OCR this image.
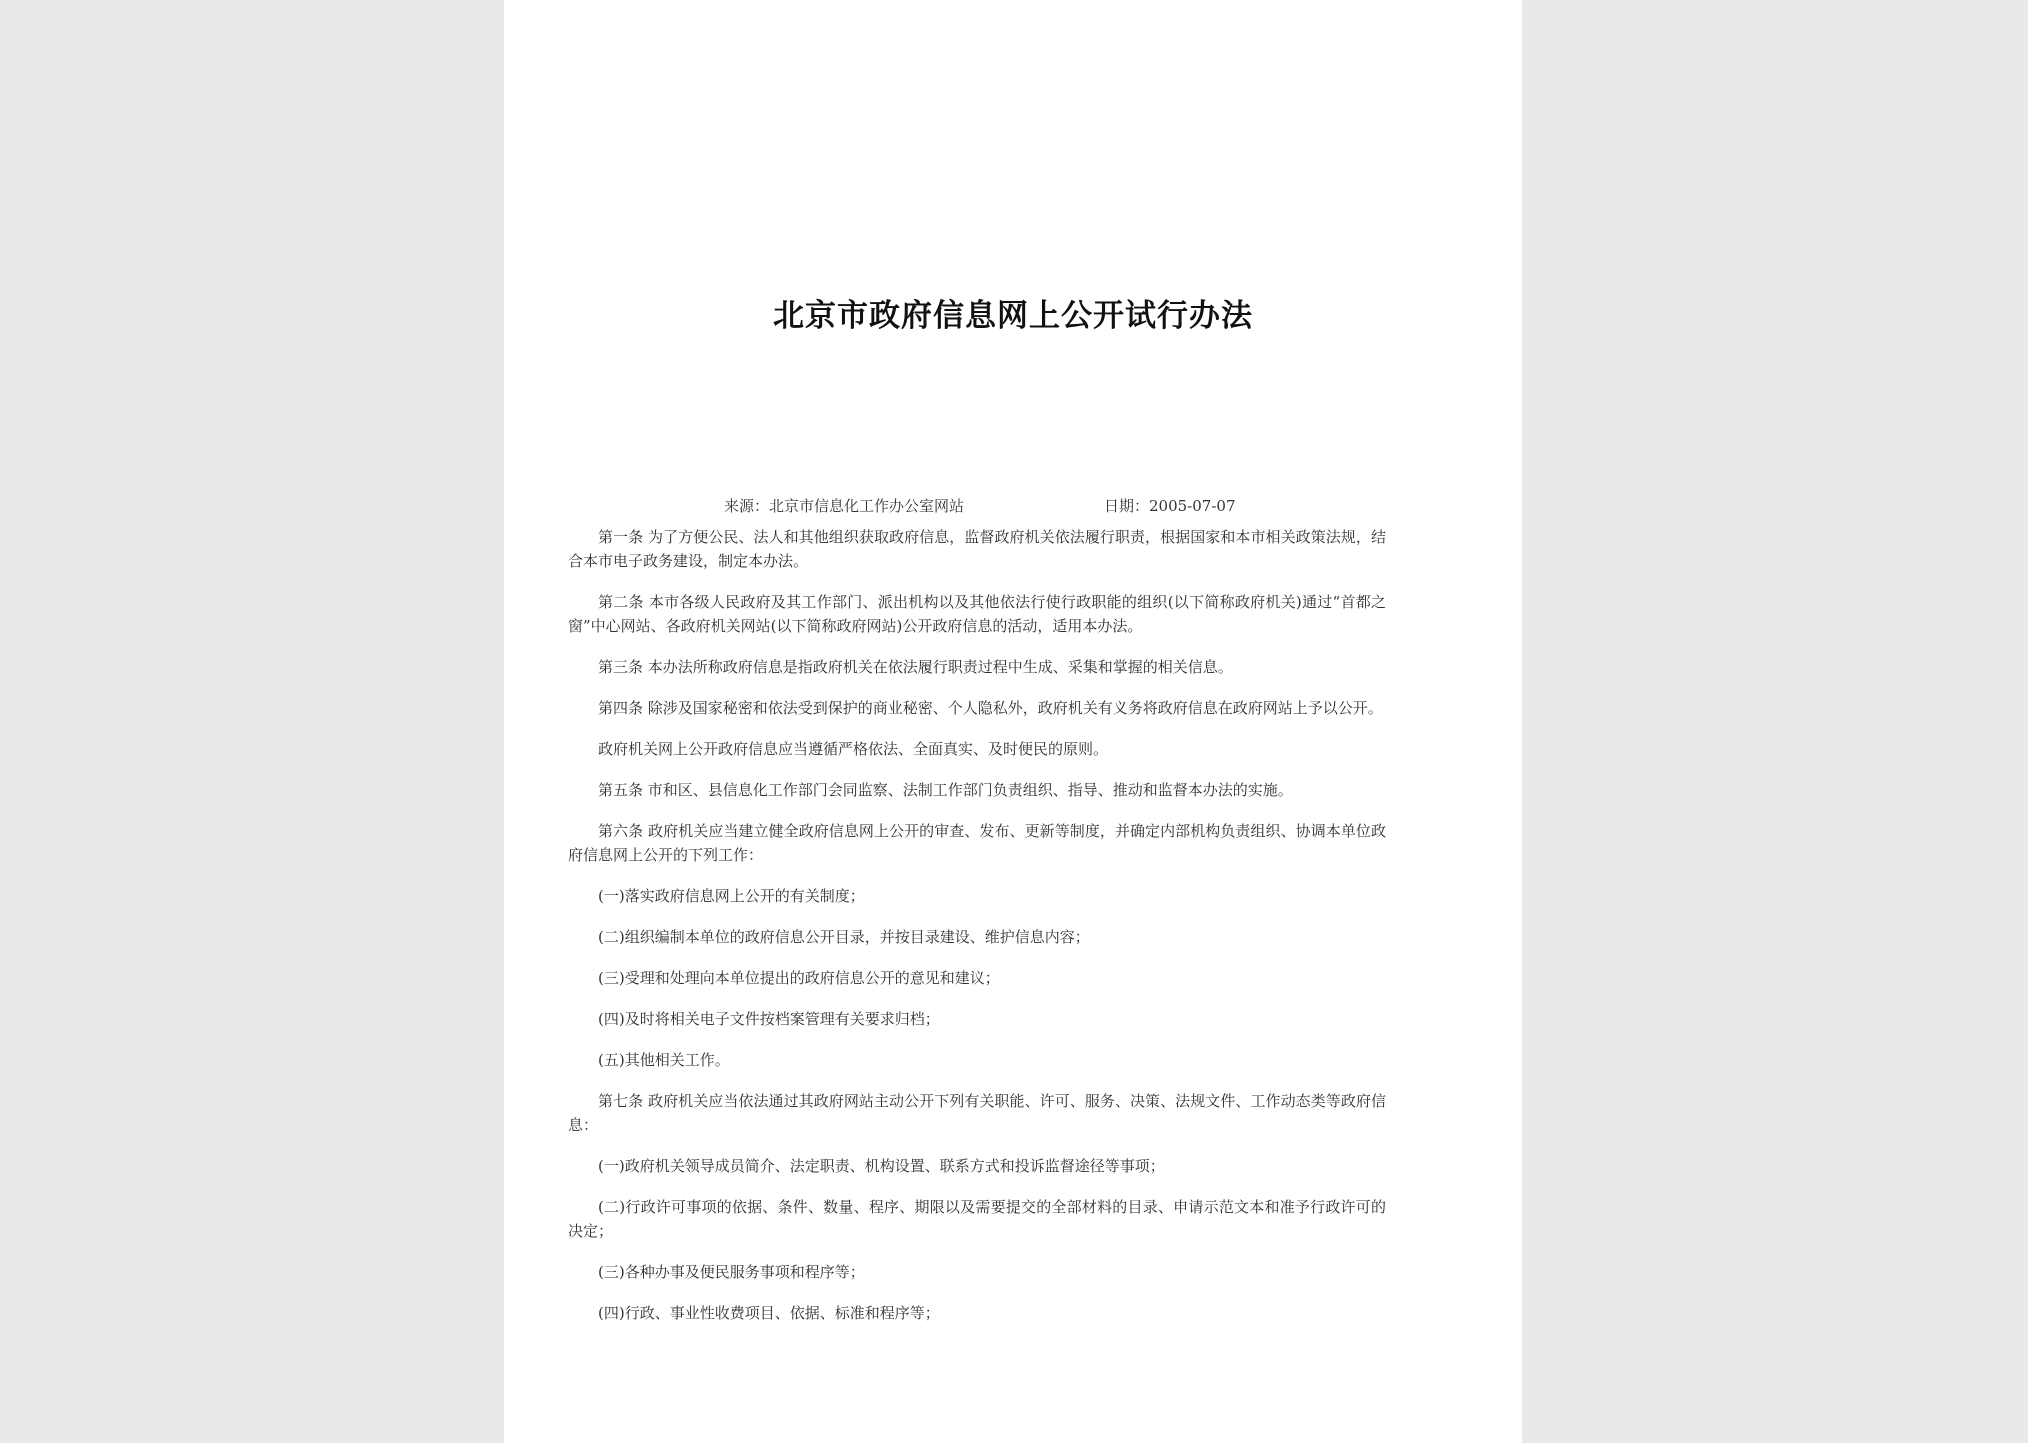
北京市政府信息网上公开试行办法
来源：北京市信息化工作办公室网站	日期：2005-07-07

第一条 为了方便公民、法人和其他组织获取政府信息，监督政府机关依法履行职责，根据国家和本市相关政策法规，结合本市电子政务建设，制定本办法。

第二条 本市各级人民政府及其工作部门、派出机构以及其他依法行使行政职能的组织(以下简称政府机关)通过“首都之窗”中心网站、各政府机关网站(以下简称政府网站)公开政府信息的活动，适用本办法。

第三条 本办法所称政府信息是指政府机关在依法履行职责过程中生成、采集和掌握的相关信息。

第四条 除涉及国家秘密和依法受到保护的商业秘密、个人隐私外，政府机关有义务将政府信息在政府网站上予以公开。

政府机关网上公开政府信息应当遵循严格依法、全面真实、及时便民的原则。

第五条 市和区、县信息化工作部门会同监察、法制工作部门负责组织、指导、推动和监督本办法的实施。

第六条 政府机关应当建立健全政府信息网上公开的审查、发布、更新等制度，并确定内部机构负责组织、协调本单位政府信息网上公开的下列工作：

(一)落实政府信息网上公开的有关制度；

(二)组织编制本单位的政府信息公开目录，并按目录建设、维护信息内容；

(三)受理和处理向本单位提出的政府信息公开的意见和建议；

(四)及时将相关电子文件按档案管理有关要求归档；

(五)其他相关工作。

第七条 政府机关应当依法通过其政府网站主动公开下列有关职能、许可、服务、决策、法规文件、工作动态类等政府信息：

(一)政府机关领导成员简介、法定职责、机构设置、联系方式和投诉监督途径等事项；

(二)行政许可事项的依据、条件、数量、程序、期限以及需要提交的全部材料的目录、申请示范文本和准予行政许可的决定；

(三)各种办事及便民服务事项和程序等；

(四)行政、事业性收费项目、依据、标准和程序等；
